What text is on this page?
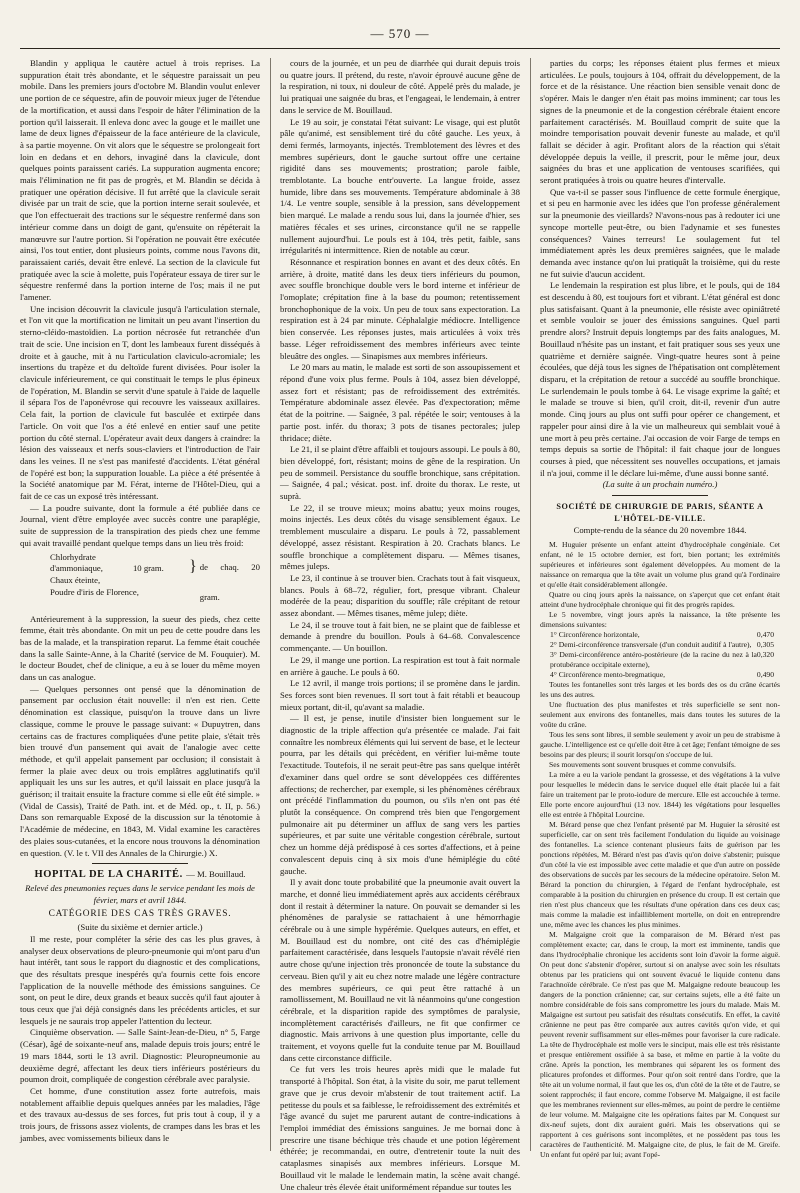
— 570 —

Blandin y appliqua le cautère actuel à trois reprises. La suppuration était très abondante, et le séquestre paraissait un peu mobile. Dans les premiers jours d'octobre M. Blandin voulut enlever une portion de ce séquestre, afin de pouvoir mieux juger de l'étendue de la mortification, et aussi dans l'espoir de hâter l'élimination de la portion qu'il laisserait. Il enleva donc avec la gouge et le maillet une lame de deux lignes d'épaisseur de la face antérieure de la clavicule, à sa partie moyenne. On vit alors que le séquestre se prolongeait fort loin en dedans et en dehors, invaginé dans la clavicule, dont quelques points paraissent cariés. La suppuration augmenta encore; mais l'élimination ne fit pas de progrès, et M. Blandin se décida à pratiquer une opération décisive. Il fut arrêté que la clavicule serait divisée par un trait de scie, que la portion interne serait soulevée, et que l'on effectuerait des tractions sur le séquestre renfermé dans son intérieur comme dans un doigt de gant, qu'ensuite on répéterait la manœuvre sur l'autre portion. Si l'opération ne pouvait être exécutée ainsi, l'os tout entier, dont plusieurs points, comme nous l'avons dit, paraissaient cariés, devait être enlevé. La section de la clavicule fut pratiquée avec la scie à molette, puis l'opérateur essaya de tirer sur le séquestre renfermé dans la portion interne de l'os; mais il ne put l'amener.

Une incision découvrit la clavicule jusqu'à l'articulation sternale, et l'on vit que la mortification ne limitait un peu avant l'insertion du sterno-cléido-mastoïdien. La portion nécrosée fut retranchée d'un trait de scie. Une incision en T, dont les lambeaux furent disséqués à droite et à gauche, mit à nu l'articulation claviculo-acromiale; les insertions du trapèze et du deltoïde furent divisées. Pour isoler la clavicule inférieurement, ce qui constituait le temps le plus épineux de l'opération, M. Blandin se servit d'une spatule à l'aide de laquelle il sépara l'os de l'aponévrose qui recouvre les vaisseaux axillaires. Cela fait, la portion de clavicule fut basculée et extirpée dans l'article. On voit que l'os a été enlevé en entier sauf une petite portion du côté sternal. L'opérateur avait deux dangers à craindre: la lésion des vaisseaux et nerfs sous-claviers et l'introduction de l'air dans les veines. Il ne s'est pas manifesté d'accidents. L'état général de l'opéré est bon; la suppuration louable. La pièce a été présentée à la Société anatomique par M. Férat, interne de l'Hôtel-Dieu, qui a fait de ce cas un exposé très intéressant.

— La poudre suivante, dont la formule a été publiée dans ce Journal, vient d'être employée avec succès contre une paraplégie, suite de suppression de la transpiration des pieds chez une femme qui avait travaillé pendant quelque temps dans un lieu très froid:

Chlorhydrate d'ammoniaque,	10 gram.
Chaux éteinte,
Poudre d'iris de Florence,
} de chaq. 20 gram.

Antérieurement à la suppression, la sueur des pieds, chez cette femme, était très abondante. On mit un peu de cette poudre dans les bas de la malade, et la transpiration reparut. La femme était couchée dans la salle Sainte-Anne, à la Charité (service de M. Fouquier). M. le docteur Boudet, chef de clinique, a eu à se louer du même moyen dans un cas analogue.

— Quelques personnes ont pensé que la dénomination de pansement par occlusion était nouvelle: il n'en est rien. Cette dénomination est classique, puisqu'on la trouve dans un livre classique, comme le prouve le passage suivant: « Dupuytren, dans certains cas de fractures compliquées d'une petite plaie, s'était très bien trouvé d'un pansement qui avait de l'analogie avec cette méthode, et qu'il appelait pansement par occlusion; il consistait à fermer la plaie avec deux ou trois emplâtres agglutinatifs qu'il appliquait les uns sur les autres, et qu'il laissait en place jusqu'à la guérison; il traitait ensuite la fracture comme si elle eût été simple. » (Vidal de Cassis), Traité de Path. int. et de Méd. op., t. II, p. 56.) Dans son remarquable Exposé de la discussion sur la ténotomie à l'Académie de médecine, en 1843, M. Vidal examine les caractères des plaies sous-cutanées, et la encore nous trouvons la dénomination en question. (V. le t. VII des Annales de la Chirurgie.) X.

HOPITAL DE LA CHARITÉ. — M. Bouillaud.

Relevé des pneumonies reçues dans le service pendant les mois de février, mars et avril 1844.

CATÉGORIE DES CAS TRÈS GRAVES.

(Suite du sixième et dernier article.)

Il me reste, pour compléter la série des cas les plus graves, à analyser deux observations de pleuro-pneumonie qui m'ont paru d'un haut intérêt, tant sous le rapport du diagnostic et des complications, que des résultats presque inespérés qu'a fournis cette fois encore l'application de la nouvelle méthode des émissions sanguines. Ce sont, on peut le dire, deux grands et beaux succès qu'il faut ajouter à tous ceux que j'ai déjà consignés dans les précédents articles, et sur lesquels je ne saurais trop appeler l'attention du lecteur.

Cinquième observation. — Salle Saint-Jean-de-Dieu, n° 5, Farge (César), âgé de soixante-neuf ans, malade depuis trois jours; entré le 19 mars 1844, sorti le 13 avril. Diagnostic: Pleuropneumonie au deuxième degré, affectant les deux tiers inférieurs postérieurs du poumon droit, compliquée de congestion cérébrale avec paralysie.

Cet homme, d'une constitution assez forte autrefois, mais notablement affaiblie depuis quelques années par les maladies, l'âge et des travaux au-dessus de ses forces, fut pris tout à coup, il y a trois jours, de frissons assez violents, de crampes dans les bras et les jambes, avec vomissements bilieux dans le

cours de la journée, et un peu de diarrhée qui durait depuis trois ou quatre jours. Il prétend, du reste, n'avoir éprouvé aucune gêne de la respiration, ni toux, ni douleur de côté. Appelé près du malade, je lui pratiquai une saignée du bras, et l'engageai, le lendemain, à entrer dans le service de M. Bouillaud.

Le 19 au soir, je constatai l'état suivant: Le visage, qui est plutôt pâle qu'animé, est sensiblement tiré du côté gauche. Les yeux, à demi fermés, larmoyants, injectés. Tremblotement des lèvres et des membres supérieurs, dont le gauche surtout offre une certaine rigidité dans ses mouvements; prostration; parole faible, tremblotante. La bouche entr'ouverte. La langue froide, assez humide, libre dans ses mouvements. Température abdominale à 38 1/4. Le ventre souple, sensible à la pression, sans développement bien marqué. Le malade a rendu sous lui, dans la journée d'hier, ses matières fécales et ses urines, circonstance qu'il ne se rappelle nullement aujourd'hui. Le pouls est à 104, très petit, faible, sans irrégularités ni intermittence. Rien de notable au cœur.

Résonnance et respiration bonnes en avant et des deux côtés. En arrière, à droite, matité dans les deux tiers inférieurs du poumon, avec souffle bronchique double vers le bord interne et inférieur de l'omoplate; crépitation fine à la base du poumon; retentissement bronchophonique de la voix. Un peu de toux sans expectoration. La respiration est à 24 par minute. Céphalalgie médiocre. Intelligence bien conservée. Les réponses justes, mais articulées à voix très basse. Léger refroidissement des membres inférieurs avec teinte bleuâtre des ongles. — Sinapismes aux membres inférieurs.

Le 20 mars au matin, le malade est sorti de son assoupissement et répond d'une voix plus ferme. Pouls à 104, assez bien développé, assez fort et résistant; pas de refroidissement des extrémités. Température abdominale assez élevée. Pas d'expectoration; même état de la poitrine. — Saignée, 3 pal. répétée le soir; ventouses à la partie post. infér. du thorax; 3 pots de tisanes pectorales; julep thridace; diète.

Le 21, il se plaint d'être affaibli et toujours assoupi. Le pouls à 80, bien développé, fort, résistant; moins de gêne de la respiration. Un peu de sommeil. Persistance du souffle bronchique, sans crépitation. — Saignée, 4 pal.; vésicat. post. inf. droite du thorax. Le reste, ut suprà.

Le 22, il se trouve mieux; moins abattu; yeux moins rouges, moins injectés. Les deux côtés du visage sensiblement égaux. Le tremblement musculaire a disparu. Le pouls à 72, passablement développé, assez résistant. Respiration à 20. Crachats blancs. Le souffle bronchique a complètement disparu. — Mêmes tisanes, mêmes juleps.

Le 23, il continue à se trouver bien. Crachats tout à fait visqueux, blancs. Pouls à 68–72, régulier, fort, presque vibrant. Chaleur modérée de la peau; disparition du souffle; râle crépitant de retour assez abondant. — Mêmes tisanes, même julep; diète.

Le 24, il se trouve tout à fait bien, ne se plaint que de faiblesse et demande à prendre du bouillon. Pouls à 64–68. Convalescence commençante. — Un bouillon.

Le 29, il mange une portion. La respiration est tout à fait normale en arrière à gauche. Le pouls à 60.

Le 12 avril, il mange trois portions; il se promène dans le jardin. Ses forces sont bien revenues. Il sort tout à fait rétabli et beaucoup mieux portant, dit-il, qu'avant sa maladie.

— Il est, je pense, inutile d'insister bien longuement sur le diagnostic de la triple affection qu'a présentée ce malade. J'ai fait connaître les nombreux éléments qui lui servent de base, et le lecteur pourra, par les détails qui précèdent, en vérifier lui-même toute l'exactitude. Toutefois, il ne serait peut-être pas sans quelque intérêt d'examiner dans quel ordre se sont développées ces différentes affections; de rechercher, par exemple, si les phénomènes cérébraux ont précédé l'inflammation du poumon, ou s'ils n'en ont pas été plutôt la conséquence. On comprend très bien que l'engorgement pulmonaire ait pu déterminer un afflux de sang vers les parties supérieures, et par suite une véritable congestion cérébrale, surtout chez un homme déjà prédisposé à ces sortes d'affections, et à peine convalescent depuis cinq à six mois d'une hémiplégie du côté gauche.

Il y avait donc toute probabilité que la pneumonie avait ouvert la marche, et donné lieu immédiatement après aux accidents cérébraux dont il restait à déterminer la nature. On pouvait se demander si les phénomènes de paralysie se rattachaient à une hémorrhagie cérébrale ou à une simple hypérémie. Quelques auteurs, en effet, et M. Bouillaud est du nombre, ont cité des cas d'hémiplégie parfaitement caractérisée, dans lesquels l'autopsie n'avait révélé rien autre chose qu'une injection très prononcée de toute la substance du cerveau. Bien qu'il y ait eu chez notre malade une légère contracture des membres supérieurs, ce qui peut être rattaché à un ramollissement, M. Bouillaud ne vit là néanmoins qu'une congestion cérébrale, et la disparition rapide des symptômes de paralysie, incomplètement caractérisés d'ailleurs, ne fit que confirmer ce diagnostic. Mais arrivons à une question plus importante, celle du traitement, et voyons quelle fut la conduite tenue par M. Bouillaud dans cette circonstance difficile.

Ce fut vers les trois heures après midi que le malade fut transporté à l'hôpital. Son état, à la visite du soir, me parut tellement grave que je crus devoir m'abstenir de tout traitement actif. La petitesse du pouls et sa faiblesse, le refroidissement des extrémités et l'âge avancé du sujet me parurent autant de contre-indications à l'emploi immédiat des émissions sanguines. Je me bornai donc à prescrire une tisane béchique très chaude et une potion légèrement éthérée; je recommandai, en outre, d'entretenir toute la nuit des cataplasmes sinapisés aux membres inférieurs. Lorsque M. Bouillaud vit le malade le lendemain matin, la scène avait changé. Une chaleur très élevée était uniformément répandue sur toutes les

parties du corps; les réponses étaient plus fermes et mieux articulées. Le pouls, toujours à 104, offrait du développement, de la force et de la résistance. Une réaction bien sensible venait donc de s'opérer. Mais le danger n'en était pas moins imminent; car tous les signes de la pneumonie et de la congestion cérébrale étaient encore parfaitement caractérisés. M. Bouillaud comprit de suite que la moindre temporisation pouvait devenir funeste au malade, et qu'il fallait se décider à agir. Profitant alors de la réaction qui s'était développée depuis la veille, il prescrit, pour le même jour, deux saignées du bras et une application de ventouses scarifiées, qui seront pratiquées à trois ou quatre heures d'intervalle.

Que va-t-il se passer sous l'influence de cette formule énergique, et si peu en harmonie avec les idées que l'on professe généralement sur la pneumonie des vieillards? N'avons-nous pas à redouter ici une syncope mortelle peut-être, ou bien l'adynamie et ses funestes conséquences? Vaines terreurs! Le soulagement fut tel immédiatement après les deux premières saignées, que le malade demanda avec instance qu'on lui pratiquât la troisième, qui du reste ne fut suivie d'aucun accident.

Le lendemain la respiration est plus libre, et le pouls, qui de 184 est descendu à 80, est toujours fort et vibrant. L'état général est donc plus satisfaisant. Quant à la pneumonie, elle résiste avec opiniâtreté et semble vouloir se jouer des émissions sanguines. Quel parti prendre alors? Instruit depuis longtemps par des faits analogues, M. Bouillaud n'hésite pas un instant, et fait pratiquer sous ses yeux une quatrième et dernière saignée. Vingt-quatre heures sont à peine écoulées, que déjà tous les signes de l'hépatisation ont complètement disparu, et la crépitation de retour a succédé au souffle bronchique. Le surlendemain le pouls tombe à 64. Le visage exprime la gaîté; et le malade se trouve si bien, qu'il croit, dit-il, revenir d'un autre monde. Cinq jours au plus ont suffi pour opérer ce changement, et rappeler pour ainsi dire à la vie un malheureux qui semblait voué à une mort à peu près certaine. J'ai occasion de voir Farge de temps en temps depuis sa sortie de l'hôpital: il fait chaque jour de longues courses à pied, que nécessitent ses nouvelles occupations, et jamais il n'a joui, comme il le déclare lui-même, d'une aussi bonne santé.

(La suite à un prochain numéro.)

SOCIÉTÉ DE CHIRURGIE DE PARIS, SÉANTE A L'HÔTEL-DE-VILLE.
Compte-rendu de la séance du 20 novembre 1844.

M. Huguier présente un enfant atteint d'hydrocéphale congéniale. Cet enfant, né le 15 octobre dernier, est fort, bien portant; les extrémités supérieures et inférieures sont également développées. Au moment de la naissance on remarqua que la tête avait un volume plus grand qu'à l'ordinaire et qu'elle était considérablement allongée.

Quatre ou cinq jours après la naissance, on s'aperçut que cet enfant était atteint d'une hydrocéphale chronique qui fit des progrès rapides.

Le 5 novembre, vingt jours après la naissance, la tête présente les dimensions suivantes:

1° Circonférence horizontale,	0,470
2° Demi-circonférence transversale (d'un conduit auditif à l'autre), 0,305
3° Demi-circonférence antéro-postérieure (de la racine du nez à la protubérance occipitale externe),
0,320
4° Circonférence mento-bregmatique,	0,490

Toutes les fontanelles sont très larges et les bords des os du crâne écartés les uns des autres.

Une fluctuation des plus manifestes et très superficielle se sent non-seulement aux environs des fontanelles, mais dans toutes les sutures de la voûte du crâne.

Tous les sens sont libres, il semble seulement y avoir un peu de strabisme à gauche. L'intelligence est ce qu'elle doit être à cet âge; l'enfant témoigne de ses besoins par des pleurs; il sourit lorsqu'on s'occupe de lui.

Ses mouvements sont souvent brusques et comme convulsifs.

La mère a eu la variole pendant la grossesse, et des végétations à la vulve pour lesquelles le médecin dans le service duquel elle était placée lui a fait faire un traitement par le proto-iodure de mercure. Elle est accouchée à terme. Elle porte encore aujourd'hui (13 nov. 1844) les végétations pour lesquelles elle est entrée à l'hôpital Lourcine.

M. Bérard pense que chez l'enfant présenté par M. Huguier la sérosité est superficielle, car on sent très facilement l'ondulation du liquide au voisinage des fontanelles. La science contenant plusieurs faits de guérison par les ponctions répétées, M. Bérard n'est pas d'avis qu'on doive s'abstenir; puisque d'un côté la vie est impossible avec cette maladie et que d'un autre on possède des observations de succès par les secours de la médecine opératoire. Selon M. Bérard la ponction du chirurgien, à l'égard de l'enfant hydrocéphale, est comparable à la position du chirurgien en présence du croup. Il est certain que rien n'est plus chanceux que les résultats d'une opération dans ces deux cas; mais comme la maladie est infailliblement mortelle, on doit en entreprendre une, même avec les chances les plus minimes.

M. Malgaigne croit que la comparaison de M. Bérard n'est pas complètement exacte; car, dans le croup, la mort est imminente, tandis que dans l'hydrocéphalie chronique les accidents sont loin d'avoir la forme aiguë. On peut donc s'abstenir d'opérer, surtout si on analyse avec soin les résultats obtenus par les praticiens qui ont souvent évacué le liquide contenu dans l'arachnoïde cérébrale. Ce n'est pas que M. Malgaigne redoute beaucoup les dangers de la ponction crânienne; car, sur certains sujets, elle a été faite un nombre considérable de fois sans compromettre les jours du malade. Mais M. Malgaigne est surtout peu satisfait des résultats consécutifs. En effet, la cavité crânienne ne peut pas être comparée aux autres cavités qu'on vide, et qui peuvent revenir suffisamment sur elles-mêmes pour favoriser la cure radicale. La tête de l'hydrocéphale est molle vers le sinciput, mais elle est très résistante et presque entièrement ossifiée à sa base, et même en partie à la voûte du crâne. Après la ponction, les membranes qui séparent les os forment des plicatures profondes et difformes. Pour qu'on soit rentré dans l'ordre, que la tête ait un volume normal, il faut que les os, d'un côté de la tête et de l'autre, se soient rapprochés; il faut encore, comme l'observe M. Malgaigne, il est facile que les membranes reviennent sur elles-mêmes, au point de perdre le centième de leur volume. M. Malgaigne cite les opérations faites par M. Conquest sur dix-neuf sujets, dont dix auraient guéri. Mais les observations qui se rapportent à ces guérisons sont incomplètes, et ne possèdent pas tous les caractères de l'authenticité. M. Malgaigne cite, de plus, le fait de M. Greife. Un enfant fut opéré par lui; avant l'opé-
